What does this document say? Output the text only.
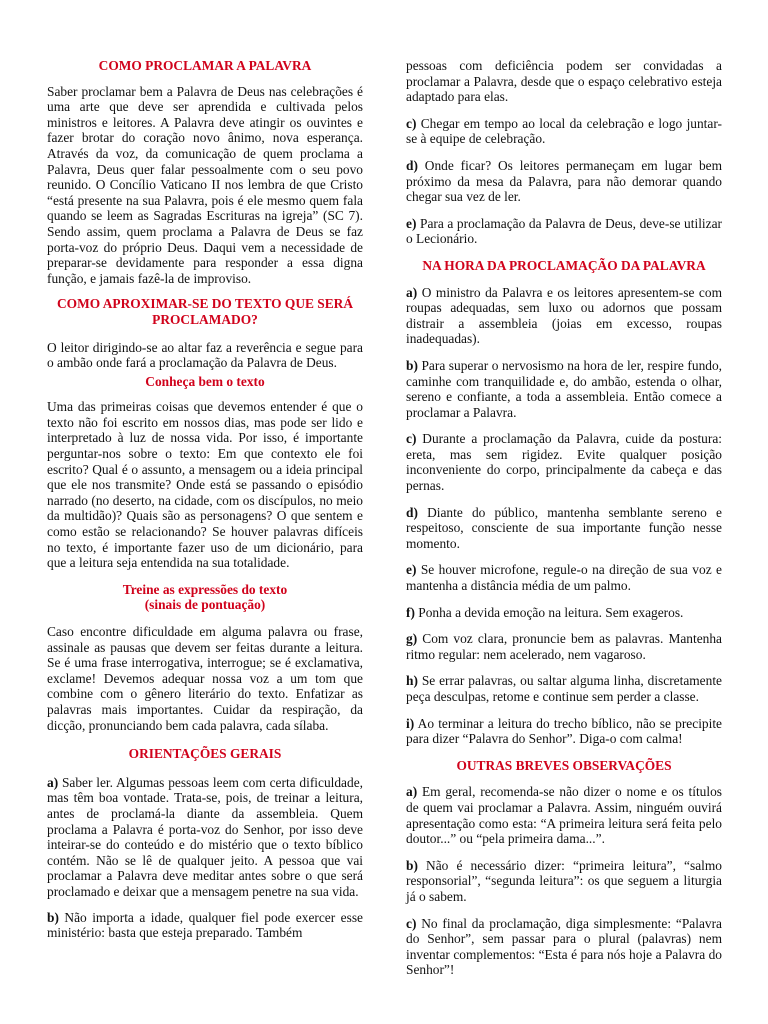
COMO PROCLAMAR A PALAVRA

Saber proclamar bem a Palavra de Deus nas celebrações é uma arte que deve ser aprendida e cultivada pelos ministros e leitores. A Palavra deve atingir os ouvintes e fazer brotar do coração novo ânimo, nova esperança. Através da voz, da comunicação de quem proclama a Palavra, Deus quer falar pessoalmente com o seu povo reunido. O Concílio Vaticano II nos lembra de que Cristo “está presente na sua Palavra, pois é ele mesmo quem fala quando se leem as Sagradas Escrituras na igreja” (SC 7). Sendo assim, quem proclama a Palavra de Deus se faz porta-voz do próprio Deus. Daqui vem a necessidade de preparar-se devidamente para responder a essa digna função, e jamais fazê-la de improviso.

COMO APROXIMAR-SE DO TEXTO QUE SERÁ
PROCLAMADO?

O leitor dirigindo-se ao altar faz a reverência e segue para o ambão onde fará a proclamação da Palavra de Deus.

Conheça bem o texto

Uma das primeiras coisas que devemos entender é que o texto não foi escrito em nossos dias, mas pode ser lido e interpretado à luz de nossa vida. Por isso, é importante perguntar-nos sobre o texto: Em que contexto ele foi escrito? Qual é o assunto, a mensagem ou a ideia principal que ele nos transmite? Onde está se passando o episódio narrado (no deserto, na cidade, com os discípulos, no meio da multidão)? Quais são as personagens? O que sentem e como estão se relacionando? Se houver palavras difíceis no texto, é importante fazer uso de um dicionário, para que a leitura seja entendida na sua totalidade.

Treine as expressões do texto
(sinais de pontuação)

Caso encontre dificuldade em alguma palavra ou frase, assinale as pausas que devem ser feitas durante a leitura. Se é uma frase interrogativa, interrogue; se é exclamativa, exclame! Devemos adequar nossa voz a um tom que combine com o gênero literário do texto. Enfatizar as palavras mais importantes. Cuidar da respiração, da dicção, pronunciando bem cada palavra, cada sílaba.

ORIENTAÇÕES GERAIS

a) Saber ler. Algumas pessoas leem com certa dificuldade, mas têm boa vontade. Trata-se, pois, de treinar a leitura, antes de proclamá-la diante da assembleia. Quem proclama a Palavra é porta-voz do Senhor, por isso deve inteirar-se do conteúdo e do mistério que o texto bíblico contém. Não se lê de qualquer jeito. A pessoa que vai proclamar a Palavra deve meditar antes sobre o que será proclamado e deixar que a mensagem penetre na sua vida.

b) Não importa a idade, qualquer fiel pode exercer esse ministério: basta que esteja preparado. Também

pessoas com deficiência podem ser convidadas a proclamar a Palavra, desde que o espaço celebrativo esteja adaptado para elas.

c) Chegar em tempo ao local da celebração e logo juntar-se à equipe de celebração.

d) Onde ficar? Os leitores permaneçam em lugar bem próximo da mesa da Palavra, para não demorar quando chegar sua vez de ler.

e) Para a proclamação da Palavra de Deus, deve-se utilizar o Lecionário.

NA HORA DA PROCLAMAÇÃO DA PALAVRA

a) O ministro da Palavra e os leitores apresentem-se com roupas adequadas, sem luxo ou adornos que possam distrair a assembleia (joias em excesso, roupas inadequadas).

b) Para superar o nervosismo na hora de ler, respire fundo, caminhe com tranquilidade e, do ambão, estenda o olhar, sereno e confiante, a toda a assembleia. Então comece a proclamar a Palavra.

c) Durante a proclamação da Palavra, cuide da postura: ereta, mas sem rigidez. Evite qualquer posição inconveniente do corpo, principalmente da cabeça e das pernas.

d) Diante do público, mantenha semblante sereno e respeitoso, consciente de sua importante função nesse momento.

e) Se houver microfone, regule-o na direção de sua voz e mantenha a distância média de um palmo.

f) Ponha a devida emoção na leitura. Sem exageros.

g) Com voz clara, pronuncie bem as palavras. Mantenha ritmo regular: nem acelerado, nem vagaroso.

h) Se errar palavras, ou saltar alguma linha, discretamente peça desculpas, retome e continue sem perder a classe.

i) Ao terminar a leitura do trecho bíblico, não se precipite para dizer “Palavra do Senhor”. Diga-o com calma!

OUTRAS BREVES OBSERVAÇÕES

a) Em geral, recomenda-se não dizer o nome e os títulos de quem vai proclamar a Palavra. Assim, ninguém ouvirá apresentação como esta: “A primeira leitura será feita pelo doutor...” ou “pela primeira dama...”.

b) Não é necessário dizer: “primeira leitura”, “salmo responsorial”, “segunda leitura”: os que seguem a liturgia já o sabem.

c) No final da proclamação, diga simplesmente: “Palavra do Senhor”, sem passar para o plural (palavras) nem inventar complementos: “Esta é para nós hoje a Palavra do Senhor”!
